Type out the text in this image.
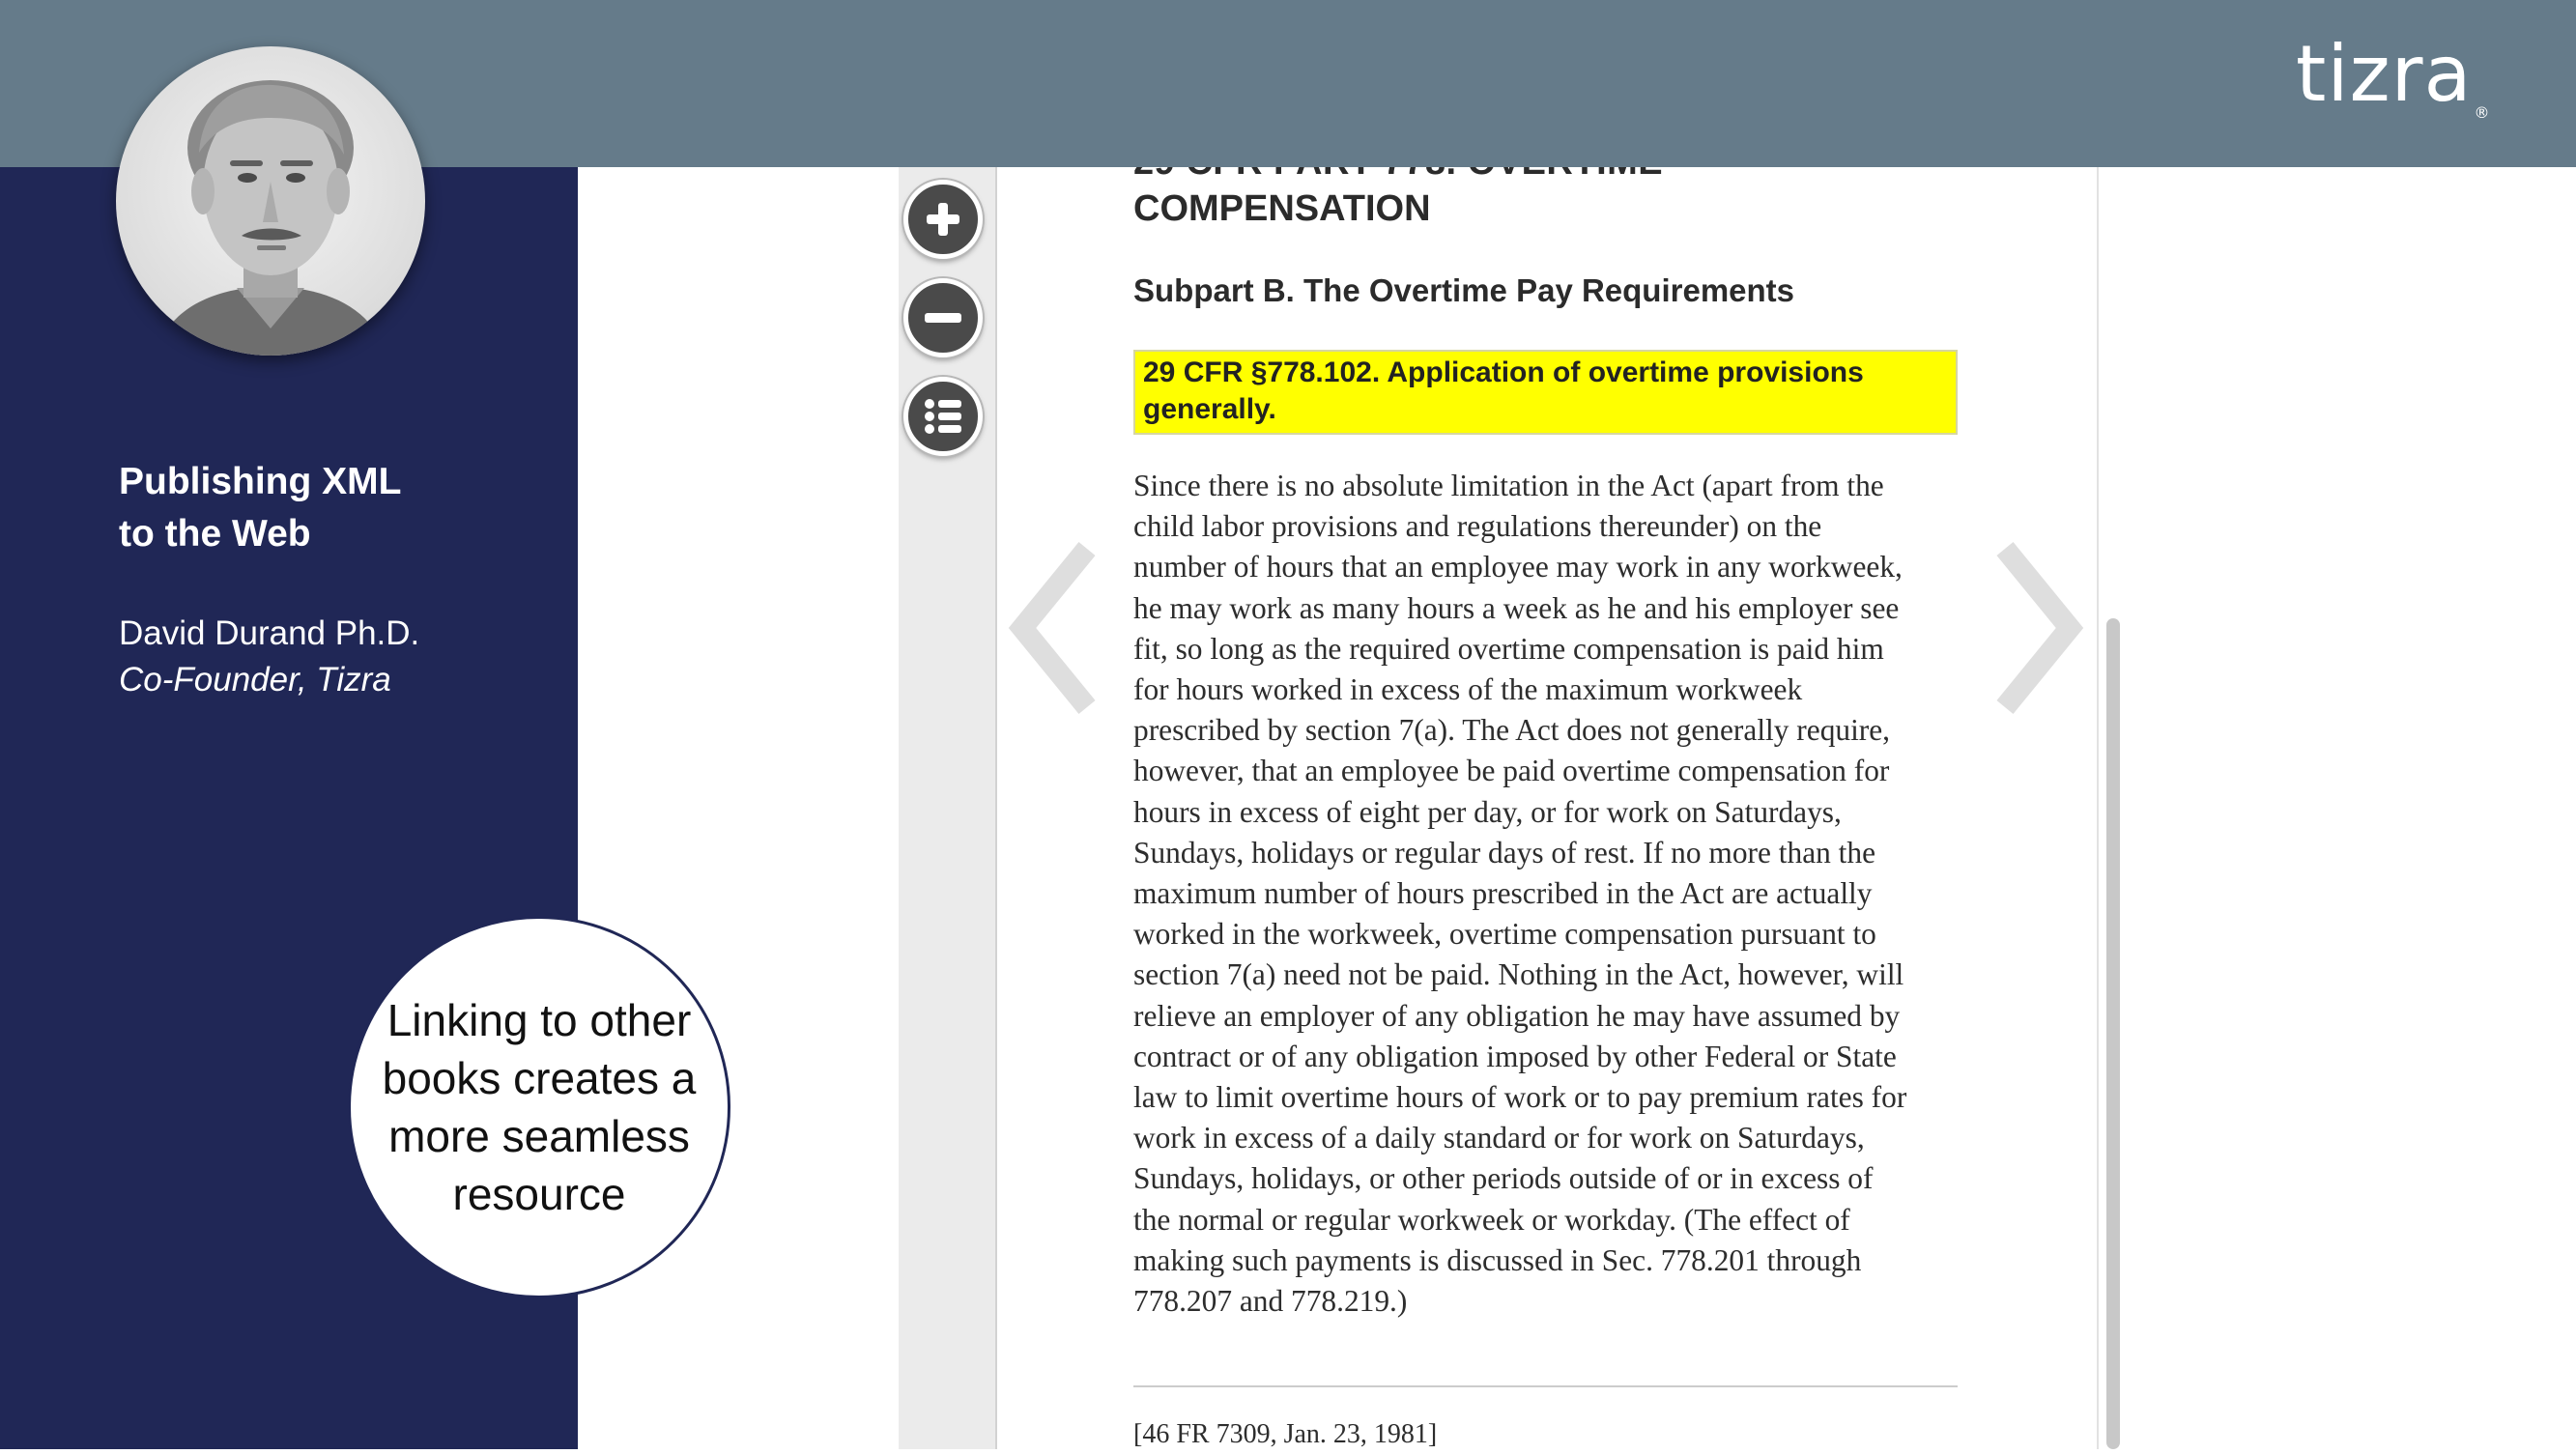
tizra ®
Publishing XML
to the Web
David Durand Ph.D.
Co-Founder, Tizra
Linking to other
books creates a
more seamless
resource
COMPENSATION
Subpart B. The Overtime Pay Requirements
29 CFR §778.102. Application of overtime provisions
generally.
Since there is no absolute limitation in the Act (apart from the
child labor provisions and regulations thereunder) on the
number of hours that an employee may work in any workweek,
he may work as many hours a week as he and his employer see
fit, so long as the required overtime compensation is paid him
for hours worked in excess of the maximum workweek
prescribed by section 7(a). The Act does not generally require,
however, that an employee be paid overtime compensation for
hours in excess of eight per day, or for work on Saturdays,
Sundays, holidays or regular days of rest. If no more than the
maximum number of hours prescribed in the Act are actually
worked in the workweek, overtime compensation pursuant to
section 7(a) need not be paid. Nothing in the Act, however, will
relieve an employer of any obligation he may have assumed by
contract or of any obligation imposed by other Federal or State
law to limit overtime hours of work or to pay premium rates for
work in excess of a daily standard or for work on Saturdays,
Sundays, holidays, or other periods outside of or in excess of
the normal or regular workweek or workday. (The effect of
making such payments is discussed in Sec. 778.201 through
778.207 and 778.219.)
[46 FR 7309, Jan. 23, 1981]
